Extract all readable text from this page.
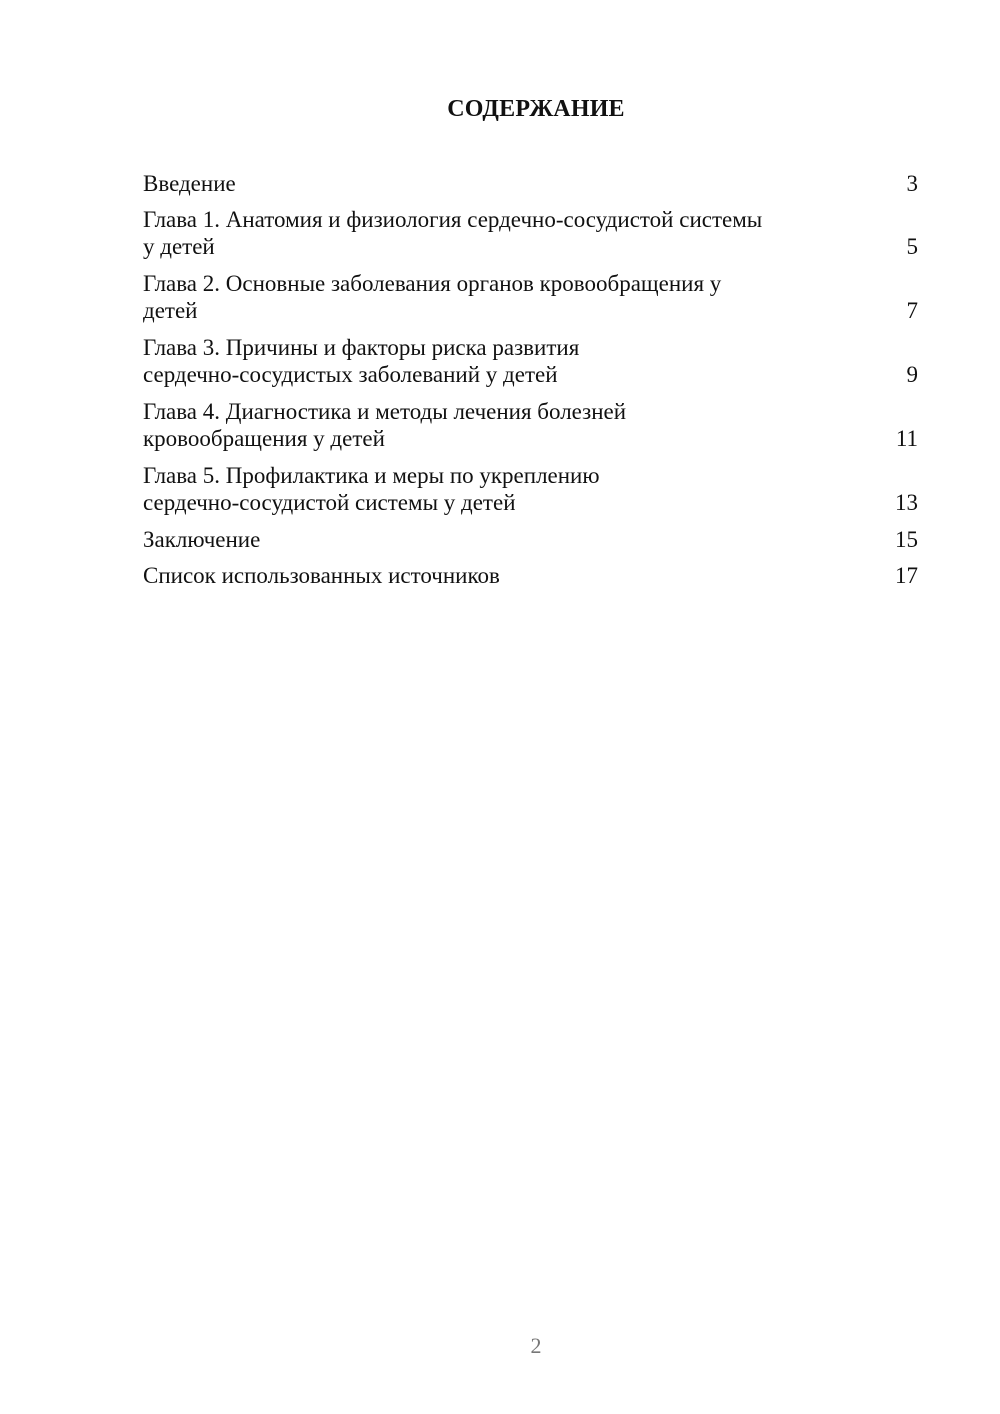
СОДЕРЖАНИЕ
Введение	3
Глава 1. Анатомия и физиология сердечно-сосудистой системы
у детей	5
Глава 2. Основные заболевания органов кровообращения у
детей	7
Глава 3. Причины и факторы риска развития
сердечно-сосудистых заболеваний у детей	9
Глава 4. Диагностика и методы лечения болезней
кровообращения у детей	11
Глава 5. Профилактика и меры по укреплению
сердечно-сосудистой системы у детей	13
Заключение	15
Список использованных источников	17
2
